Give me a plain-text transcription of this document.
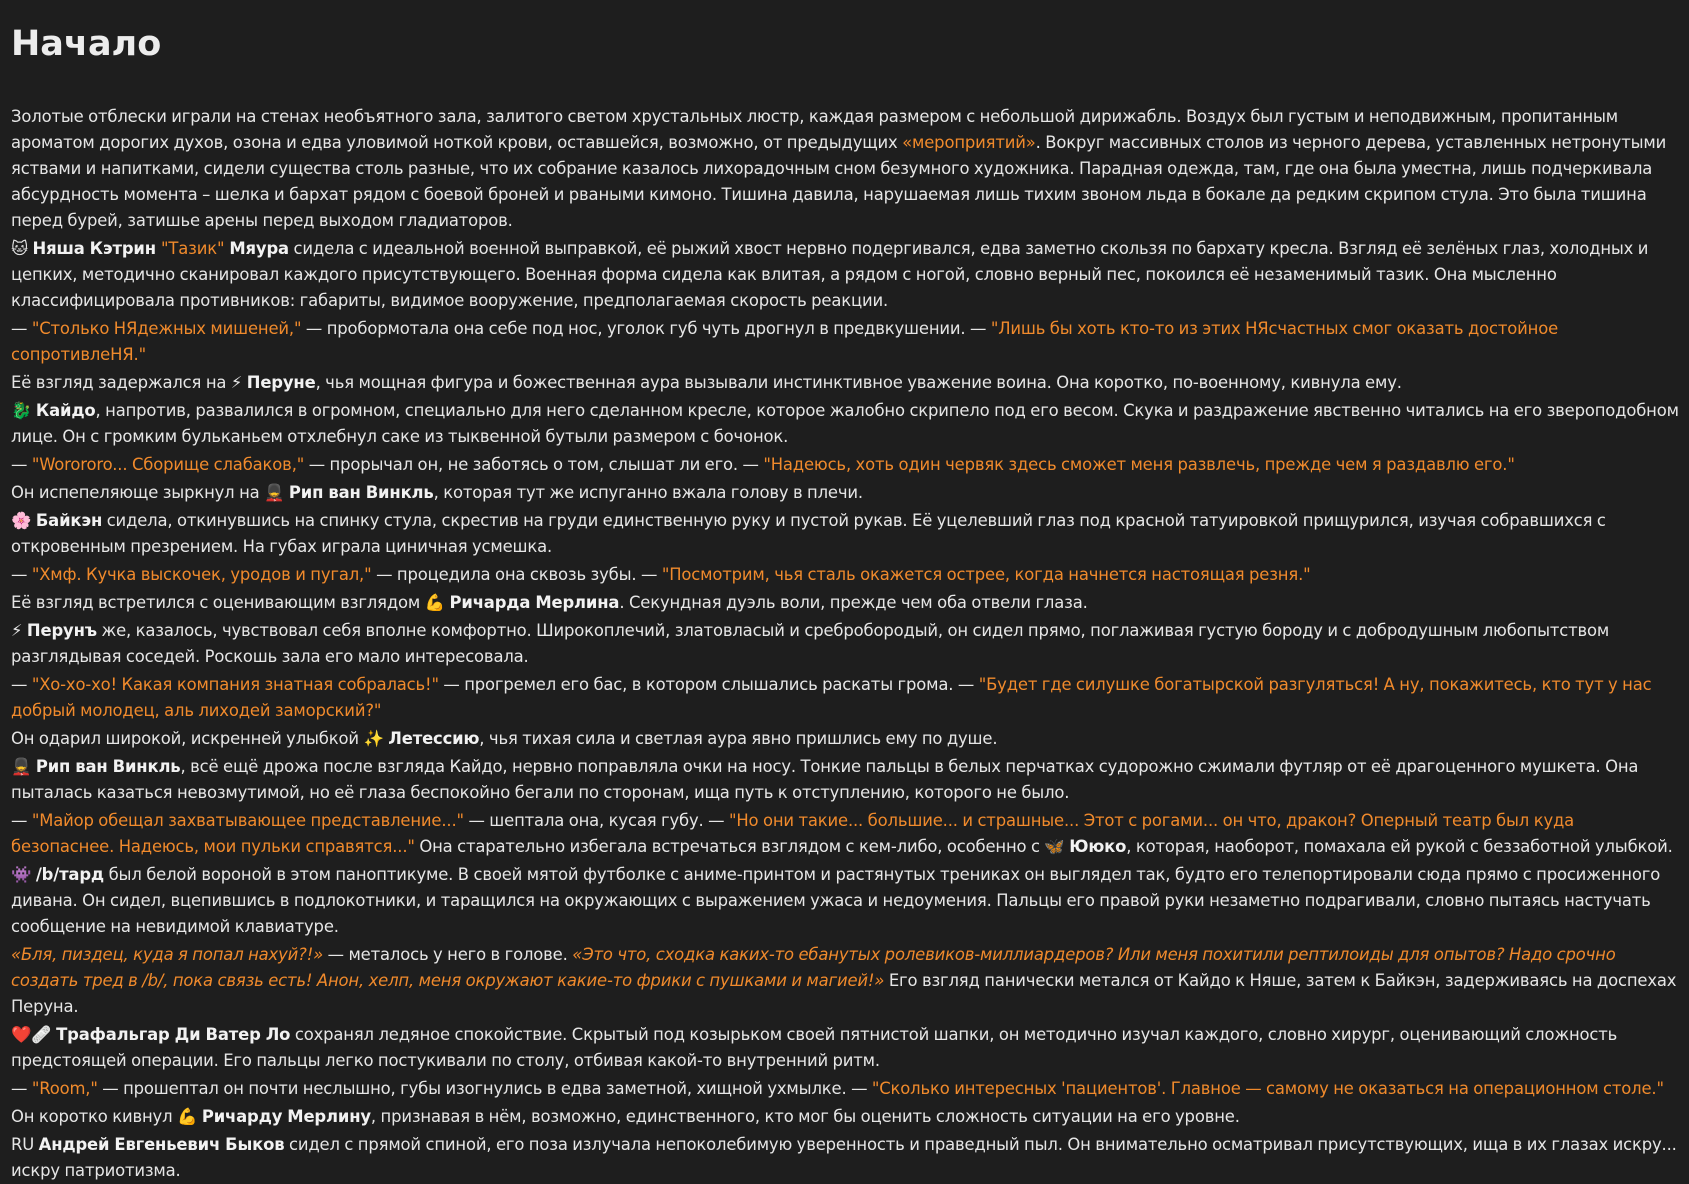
Начало
Золотые отблески играли на стенах необъятного зала, залитого светом хрустальных люстр, каждая размером с небольшой дирижабль. Воздух был густым и неподвижным, пропитанным ароматом дорогих духов, озона и едва уловимой ноткой крови, оставшейся, возможно, от предыдущих «мероприятий». Вокруг массивных столов из черного дерева, уставленных нетронутыми яствами и напитками, сидели существа столь разные, что их собрание казалось лихорадочным сном безумного художника. Парадная одежда, там, где она была уместна, лишь подчеркивала абсурдность момента – шелка и бархат рядом с боевой броней и рваными кимоно. Тишина давила, нарушаемая лишь тихим звоном льда в бокале да редким скрипом стула. Это была тишина перед бурей, затишье арены перед выходом гладиаторов.
🐱 Няша Кэтрин "Тазик" Мяура сидела с идеальной военной выправкой, её рыжий хвост нервно подергивался, едва заметно скользя по бархату кресла. Взгляд её зелёных глаз, холодных и цепких, методично сканировал каждого присутствующего. Военная форма сидела как влитая, а рядом с ногой, словно верный пес, покоился её незаменимый тазик. Она мысленно классифицировала противников: габариты, видимое вооружение, предполагаемая скорость реакции.
— "Столько НЯдежных мишеней," — пробормотала она себе под нос, уголок губ чуть дрогнул в предвкушении. — "Лишь бы хоть кто-то из этих НЯсчастных смог оказать достойное сопротивлеНЯ."
Её взгляд задержался на ⚡ Перуне, чья мощная фигура и божественная аура вызывали инстинктивное уважение воина. Она коротко, по-военному, кивнула ему.
🐉 Кайдо, напротив, развалился в огромном, специально для него сделанном кресле, которое жалобно скрипело под его весом. Скука и раздражение явственно читались на его звероподобном лице. Он с громким бульканьем отхлебнул саке из тыквенной бутыли размером с бочонок.
— "Worororo... Сборище слабаков," — прорычал он, не заботясь о том, слышат ли его. — "Надеюсь, хоть один червяк здесь сможет меня развлечь, прежде чем я раздавлю его."
Он испепеляюще зыркнул на 💂 Рип ван Винкль, которая тут же испуганно вжала голову в плечи.
🌸 Байкэн сидела, откинувшись на спинку стула, скрестив на груди единственную руку и пустой рукав. Её уцелевший глаз под красной татуировкой прищурился, изучая собравшихся с откровенным презрением. На губах играла циничная усмешка.
— "Хмф. Кучка выскочек, уродов и пугал," — процедила она сквозь зубы. — "Посмотрим, чья сталь окажется острее, когда начнется настоящая резня."
Её взгляд встретился с оценивающим взглядом 💪 Ричарда Мерлина. Секундная дуэль воли, прежде чем оба отвели глаза.
⚡ Перунъ же, казалось, чувствовал себя вполне комфортно. Широкоплечий, златовласый и сребробородый, он сидел прямо, поглаживая густую бороду и с добродушным любопытством разглядывая соседей. Роскошь зала его мало интересовала.
— "Хо-хо-хо! Какая компания знатная собралась!" — прогремел его бас, в котором слышались раскаты грома. — "Будет где силушке богатырской разгуляться! А ну, покажитесь, кто тут у нас добрый молодец, аль лиходей заморский?"
Он одарил широкой, искренней улыбкой ✨ Летессию, чья тихая сила и светлая аура явно пришлись ему по душе.
💂 Рип ван Винкль, всё ещё дрожа после взгляда Кайдо, нервно поправляла очки на носу. Тонкие пальцы в белых перчатках судорожно сжимали футляр от её драгоценного мушкета. Она пыталась казаться невозмутимой, но её глаза беспокойно бегали по сторонам, ища путь к отступлению, которого не было.
— "Майор обещал захватывающее представление..." — шептала она, кусая губу. — "Но они такие... большие... и страшные... Этот с рогами... он что, дракон? Оперный театр был куда безопаснее. Надеюсь, мои пульки справятся..." Она старательно избегала встречаться взглядом с кем-либо, особенно с 🦋 Ююко, которая, наоборот, помахала ей рукой с беззаботной улыбкой.
👾 /b/тард был белой вороной в этом паноптикуме. В своей мятой футболке с аниме-принтом и растянутых трениках он выглядел так, будто его телепортировали сюда прямо с просиженного дивана. Он сидел, вцепившись в подлокотники, и таращился на окружающих с выражением ужаса и недоумения. Пальцы его правой руки незаметно подрагивали, словно пытаясь настучать сообщение на невидимой клавиатуре.
«Бля, пиздец, куда я попал нахуй?!» — металось у него в голове. «Это что, сходка каких-то ебанутых ролевиков-миллиардеров? Или меня похитили рептилоиды для опытов? Надо срочно создать тред в /b/, пока связь есть! Анон, хелп, меня окружают какие-то фрики с пушками и магией!» Его взгляд панически метался от Кайдо к Няше, затем к Байкэн, задерживаясь на доспехах Перуна.
❤️🩹 Трафальгар Ди Ватер Ло сохранял ледяное спокойствие. Скрытый под козырьком своей пятнистой шапки, он методично изучал каждого, словно хирург, оценивающий сложность предстоящей операции. Его пальцы легко постукивали по столу, отбивая какой-то внутренний ритм.
— "Room," — прошептал он почти неслышно, губы изогнулись в едва заметной, хищной ухмылке. — "Сколько интересных 'пациентов'. Главное — самому не оказаться на операционном столе."
Он коротко кивнул 💪 Ричарду Мерлину, признавая в нём, возможно, единственного, кто мог бы оценить сложность ситуации на его уровне.
RU Андрей Евгеньевич Быков сидел с прямой спиной, его поза излучала непоколебимую уверенность и праведный пыл. Он внимательно осматривал присутствующих, ища в их глазах искру... искру патриотизма.
